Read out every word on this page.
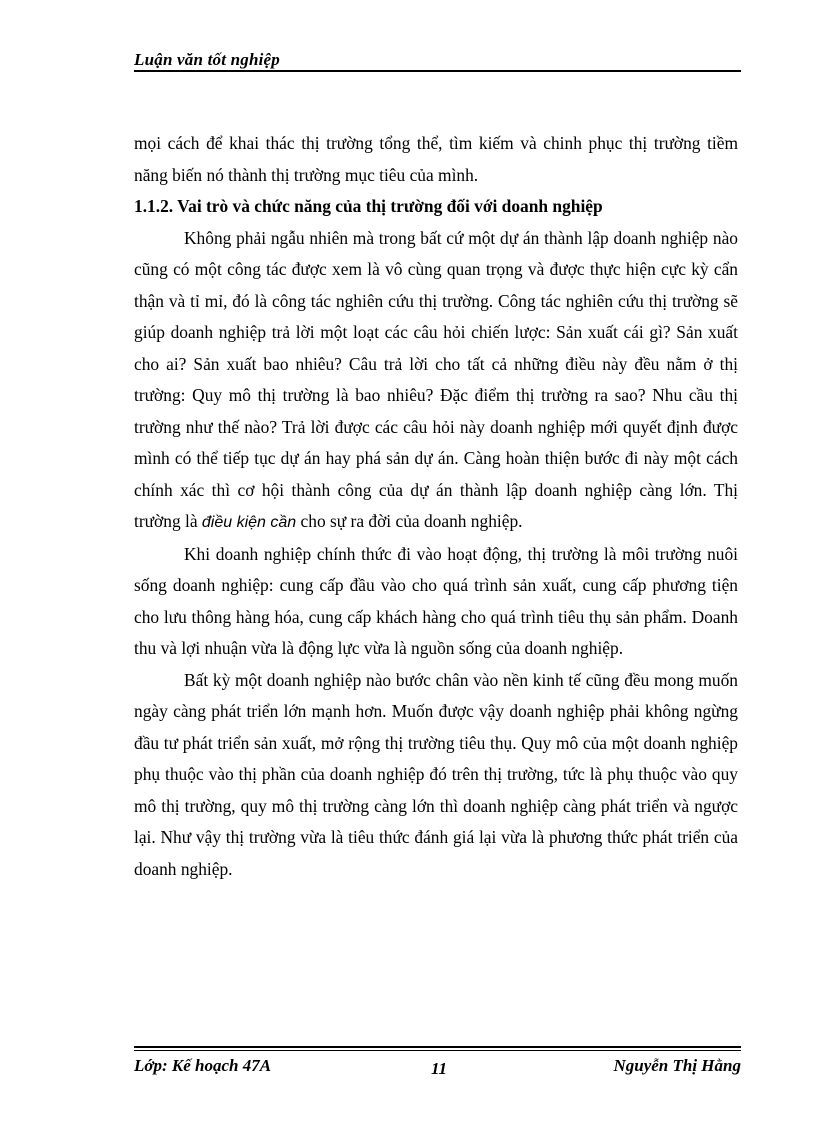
Luận văn tốt nghiệp

mọi cách để khai thác thị trường tổng thể, tìm kiếm và chinh phục thị trường tiềm năng biến nó thành thị trường mục tiêu của mình.

1.1.2. Vai trò và chức năng của thị trường đối với doanh nghiệp

Không phải ngẫu nhiên mà trong bất cứ một dự án thành lập doanh nghiệp nào cũng có một công tác được xem là vô cùng quan trọng và được thực hiện cực kỳ cẩn thận và tỉ mỉ, đó là công tác nghiên cứu thị trường. Công tác nghiên cứu thị trường sẽ giúp doanh nghiệp trả lời một loạt các câu hỏi chiến lược: Sản xuất cái gì? Sản xuất cho ai? Sản xuất bao nhiêu? Câu trả lời cho tất cả những điều này đều nằm ở thị trường: Quy mô thị trường là bao nhiêu? Đặc điểm thị trường ra sao? Nhu cầu thị trường như thế nào? Trả lời được các câu hỏi này doanh nghiệp mới quyết định được mình có thể tiếp tục dự án hay phá sản dự án. Càng hoàn thiện bước đi này một cách chính xác thì cơ hội thành công của dự án thành lập doanh nghiệp càng lớn. Thị trường là điều kiện cần cho sự ra đời của doanh nghiệp.

Khi doanh nghiệp chính thức đi vào hoạt động, thị trường là môi trường nuôi sống doanh nghiệp: cung cấp đầu vào cho quá trình sản xuất, cung cấp phương tiện cho lưu thông hàng hóa, cung cấp khách hàng cho quá trình tiêu thụ sản phẩm. Doanh thu và lợi nhuận vừa là động lực vừa là nguồn sống của doanh nghiệp.

Bất kỳ một doanh nghiệp nào bước chân vào nền kinh tế cũng đều mong muốn ngày càng phát triển lớn mạnh hơn. Muốn được vậy doanh nghiệp phải không ngừng đầu tư phát triển sản xuất, mở rộng thị trường tiêu thụ. Quy mô của một doanh nghiệp phụ thuộc vào thị phần của doanh nghiệp đó trên thị trường, tức là phụ thuộc vào quy mô thị trường, quy mô thị trường càng lớn thì doanh nghiệp càng phát triển và ngược lại. Như vậy thị trường vừa là tiêu thức đánh giá lại vừa là phương thức phát triển của doanh nghiệp.

Lớp: Kế hoạch 47A	11	Nguyễn Thị Hằng
